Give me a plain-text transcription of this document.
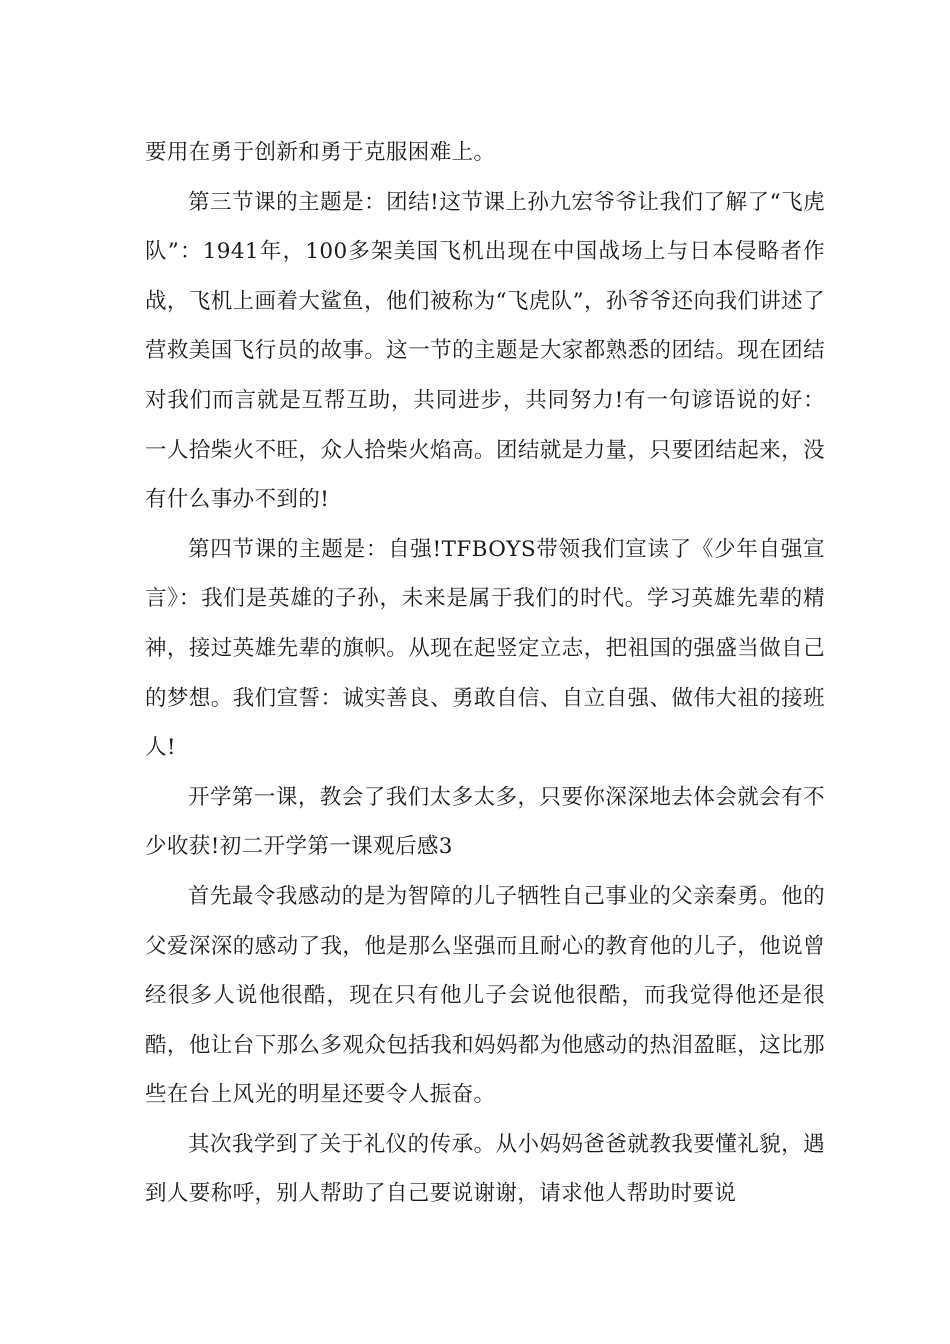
要用在勇于创新和勇于克服困难上。

第三节课的主题是：团结!这节课上孙九宏爷爷让我们了解了“飞虎队”：1941年，100多架美国飞机出现在中国战场上与日本侵略者作战，飞机上画着大鲨鱼，他们被称为“飞虎队”，孙爷爷还向我们讲述了营救美国飞行员的故事。这一节的主题是大家都熟悉的团结。现在团结对我们而言就是互帮互助，共同进步，共同努力!有一句谚语说的好：一人拾柴火不旺，众人拾柴火焰高。团结就是力量，只要团结起来，没有什么事办不到的!

第四节课的主题是：自强!TFBOYS带领我们宣读了《少年自强宣言》：我们是英雄的子孙，未来是属于我们的时代。学习英雄先辈的精神，接过英雄先辈的旗帜。从现在起竖定立志，把祖国的强盛当做自己的梦想。我们宣誓：诚实善良、勇敢自信、自立自强、做伟大祖的接班人!

开学第一课，教会了我们太多太多，只要你深深地去体会就会有不少收获!初二开学第一课观后感3

首先最令我感动的是为智障的儿子牺牲自己事业的父亲秦勇。他的父爱深深的感动了我，他是那么坚强而且耐心的教育他的儿子，他说曾经很多人说他很酷，现在只有他儿子会说他很酷，而我觉得他还是很酷，他让台下那么多观众包括我和妈妈都为他感动的热泪盈眶，这比那些在台上风光的明星还要令人振奋。

其次我学到了关于礼仪的传承。从小妈妈爸爸就教我要懂礼貌，遇到人要称呼，别人帮助了自己要说谢谢，请求他人帮助时要说
